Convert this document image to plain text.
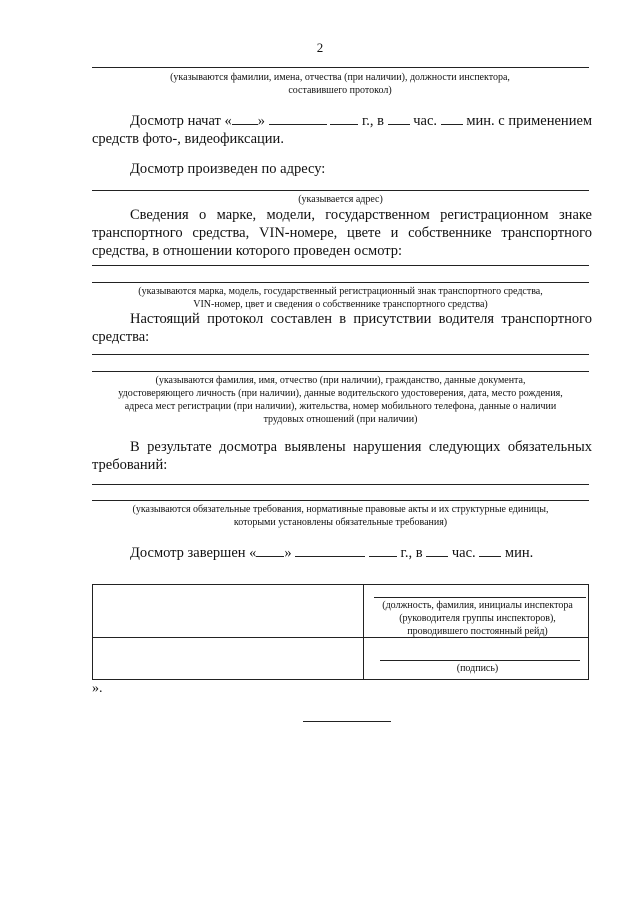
2
(указываются фамилии, имена, отчества (при наличии), должности инспектора, составившего протокол)
Досмотр начат « »	г., в час. мин. с применением
средств фото-, видеофиксации.
Досмотр произведен по адресу:
(указывается адрес)
Сведения о марке, модели, государственном регистрационном знаке транспортного средства, VIN-номере, цвете и собственнике транспортного средства, в отношении которого проведен осмотр:
(указываются марка, модель, государственный регистрационный знак транспортного средства,
VIN-номер, цвет и сведения о собственнике транспортного средства)
Настоящий протокол составлен в присутствии водителя транспортного средства:
(указываются фамилия, имя, отчество (при наличии), гражданство, данные документа,
удостоверяющего личность (при наличии), данные водительского удостоверения, дата, место рождения,
адреса мест регистрации (при наличии), жительства, номер мобильного телефона, данные о наличии
трудовых отношений (при наличии)
В результате досмотра выявлены нарушения следующих обязательных требований:
(указываются обязательные требования, нормативные правовые акты и их структурные единицы,
которыми установлены обязательные требования)
Досмотр завершен « »	г., в час. мин.

	(должность, фамилия, инициалы инспектора
(руководителя группы инспекторов),
проводившего постоянный рейд)

	(подпись)
».
